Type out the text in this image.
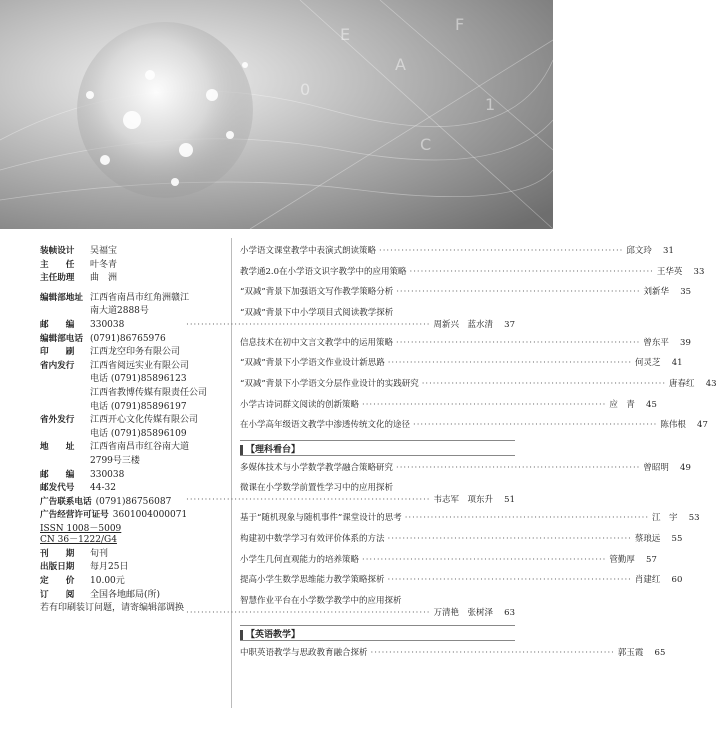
E
A
F
0
1
C
装帧设计	吴福宝
主　　任	叶冬青
主任助理	曲　洲
编辑部地址 江西省南昌市红角洲赣江
南大道2888号
邮　　编	330038
编辑部电话 (0791)86765976
印　　刷	江西龙空印务有限公司
省内发行	江西省阅远实业有限公司
电话 (0791)85896123
江西省教博传媒有限责任公司
电话 (0791)85896197
省外发行	江西开心文化传媒有限公司
电话 (0791)85896109
地　　址	江西省南昌市红谷南大道
2799号三楼
邮　　编	330038
邮发代号	44-32
广告联系电话 (0791)86756087
广告经营许可证号 3601004000071
ISSN 1008－5009
CN 36－1222/G4
刊　　期	旬刊
出版日期	每月25日
定　　价	10.00元
订　　阅	全国各地邮局(所)
若有印刷装订问题，请寄编辑部调换
小学语文课堂教学中表演式朗读策略 ·································································· 邱文玲	31
教学通2.0在小学语文识字教学中的应用策略 ·································································· 王华英	33
“双减”背景下加强语文写作教学策略分析 ·································································· 刘新华	35
“双减”背景下中小学项目式阅读教学探析
·································································· 周新兴　蓝水清	37
信息技术在初中文言文教学中的运用策略 ·································································· 曾东平	39
“双减”背景下小学语文作业设计新思路 ·································································· 何灵芝	41
“双减”背景下小学语文分层作业设计的实践研究 ·································································· 唐春红	43
小学古诗词群文阅读的创新策略 ·································································· 应　青	45
在小学高年级语文教学中渗透传统文化的途径 ·································································· 陈伟根	47
【理科看台】
多媒体技术与小学数学教学融合策略研究 ·································································· 曾昭明	49
微课在小学数学前置性学习中的应用探析
·································································· 韦志军　项东升	51
基于“随机现象与随机事件”课堂设计的思考 ·································································· 江　宇	53
构建初中数学学习有效评价体系的方法 ·································································· 蔡琅远	55
小学生几何直观能力的培养策略 ·································································· 管勤厚	57
提高小学生数学思维能力教学策略探析 ·································································· 肖建红	60
智慧作业平台在小学数学教学中的应用探析
·································································· 万清艳　张树泽	63
【英语教学】
中职英语教学与思政教育融合探析 ·································································· 郭玉霞	65
